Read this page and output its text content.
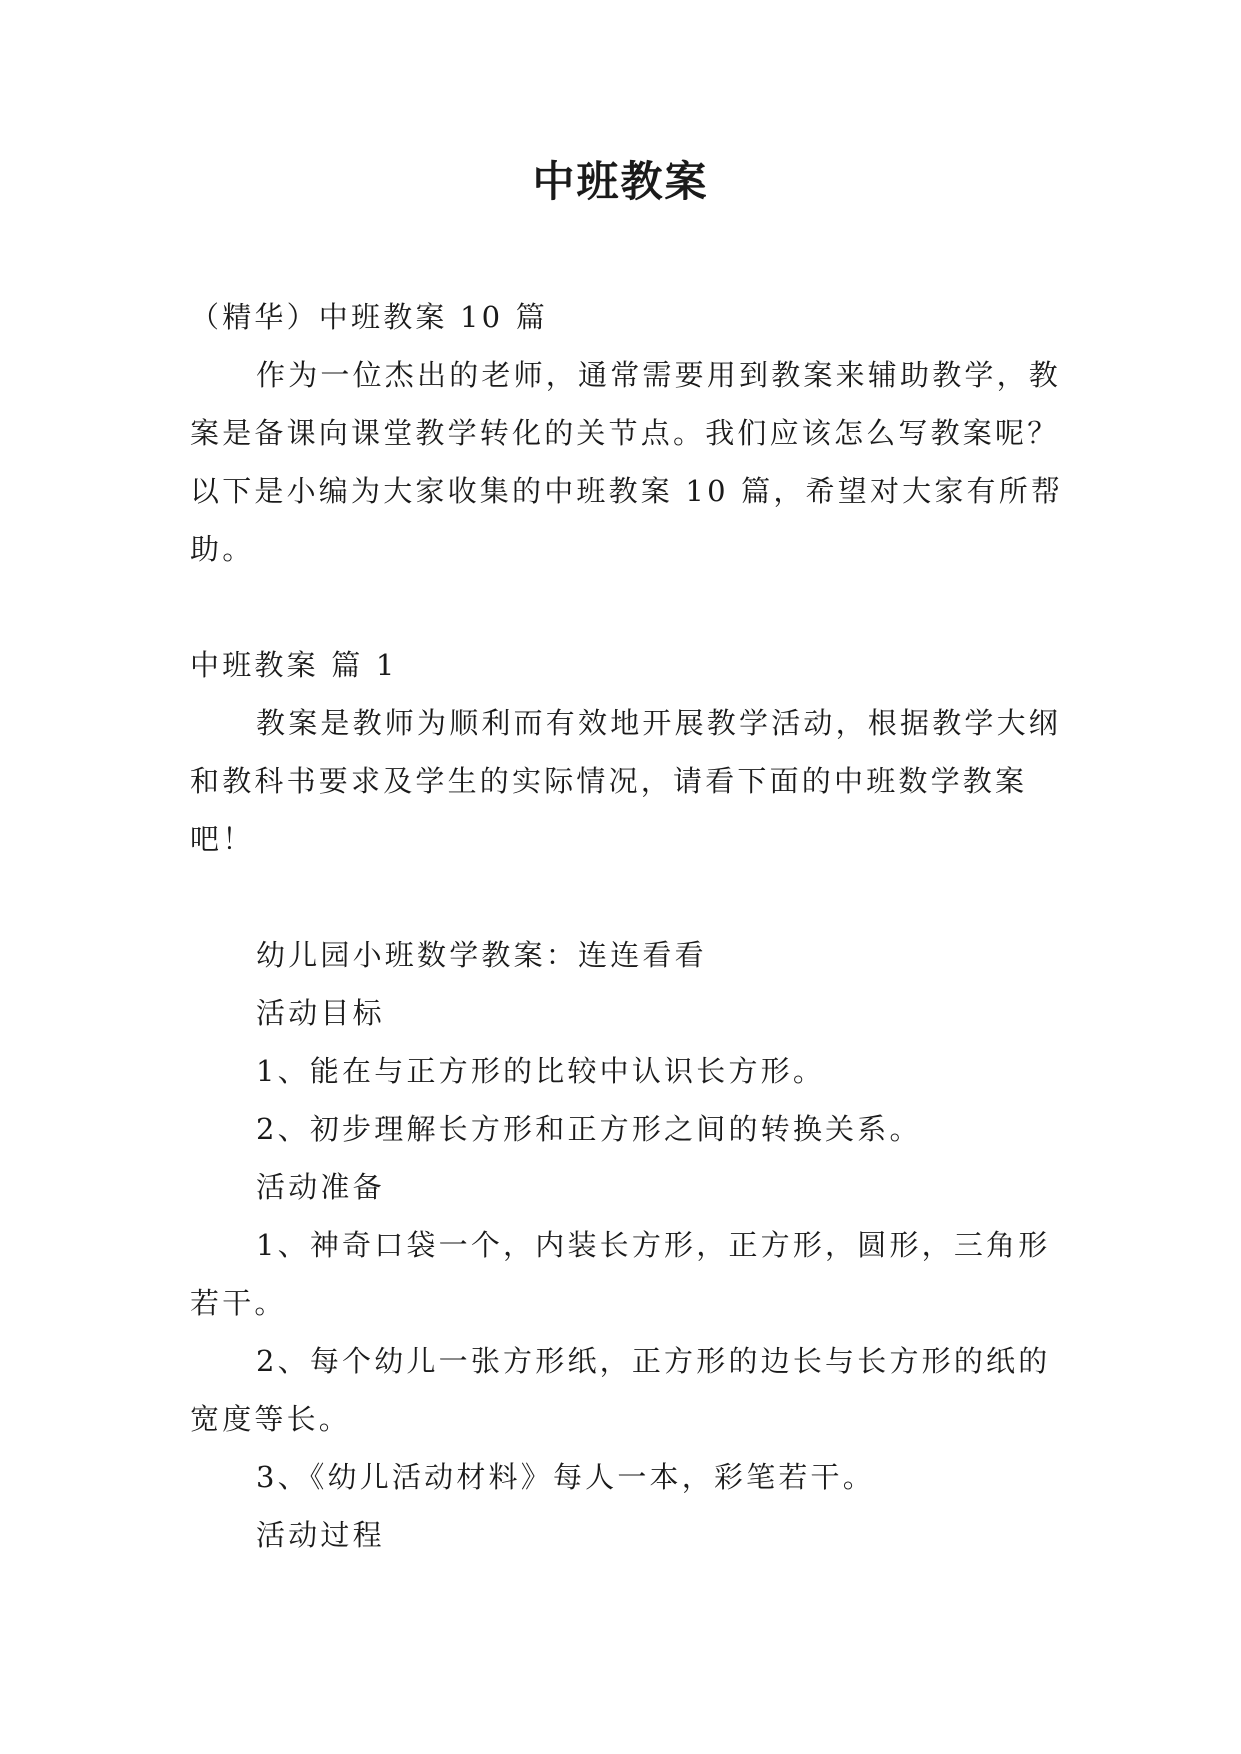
中班教案

（精华）中班教案 10 篇

作为一位杰出的老师，通常需要用到教案来辅助教学，教案是备课向课堂教学转化的关节点。我们应该怎么写教案呢？以下是小编为大家收集的中班教案 10 篇，希望对大家有所帮助。

中班教案 篇 1

教案是教师为顺利而有效地开展教学活动，根据教学大纲 和教科书要求及学生的实际情况，请看下面的中班数学教案吧！

幼儿园小班数学教案：连连看看

活动目标

1、能在与正方形的比较中认识长方形。

2、初步理解长方形和正方形之间的转换关系。

活动准备

1、神奇口袋一个，内装长方形，正方形，圆形，三角形若干。

2、每个幼儿一张方形纸，正方形的边长与长方形的纸的宽度等长。

3、《幼儿活动材料》每人一本，彩笔若干。

活动过程
